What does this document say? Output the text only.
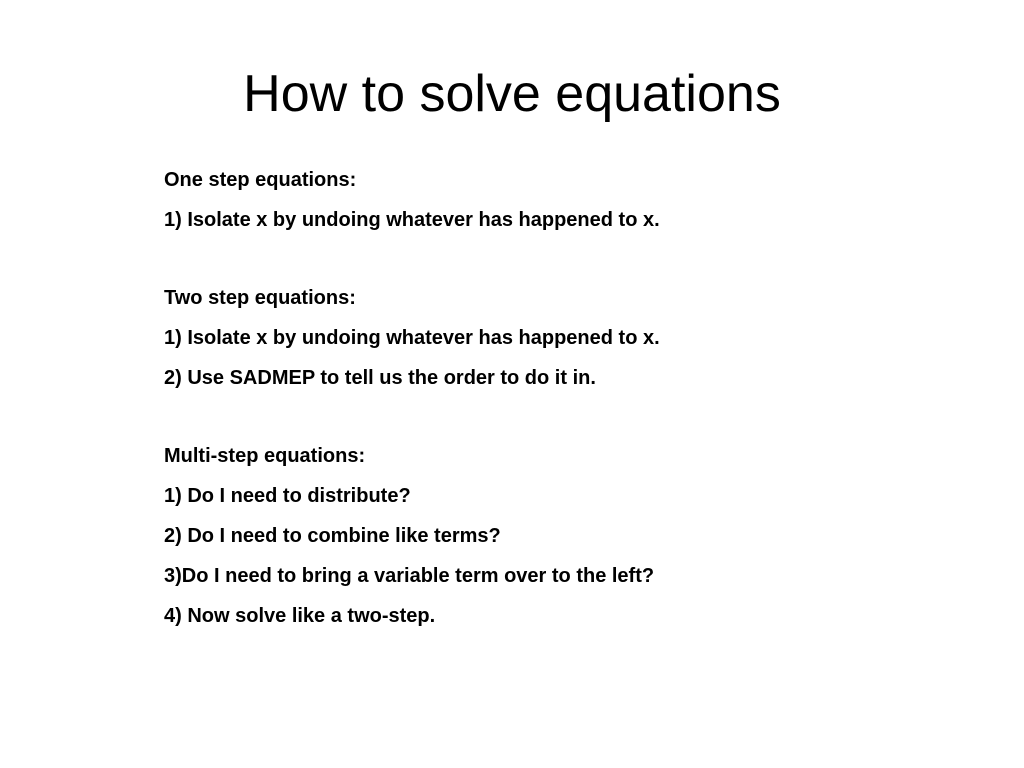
How to solve equations
One step equations:
1) Isolate x by undoing whatever has happened to x.
Two step equations:
1) Isolate x by undoing whatever has happened to x.
2) Use SADMEP to tell us the order to do it in.
Multi-step equations:
1) Do I need to distribute?
2) Do I need to combine like terms?
3)Do I need to bring a variable term over to the left?
4) Now solve like a two-step.
